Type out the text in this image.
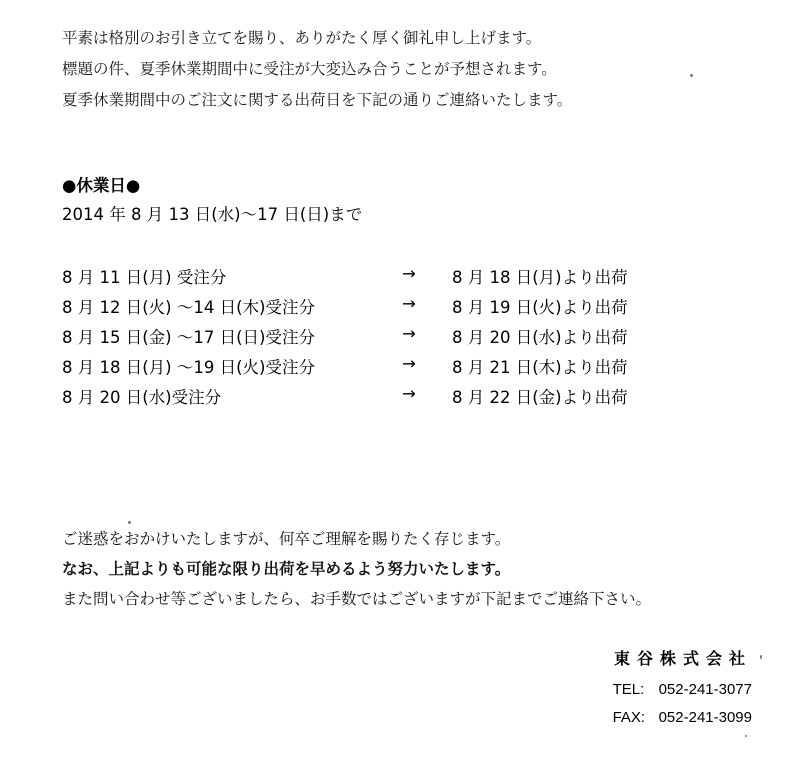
平素は格別のお引き立てを賜り、ありがたく厚く御礼申し上げます。
標題の件、夏季休業期間中に受注が大変込み合うことが予想されます。
夏季休業期間中のご注文に関する出荷日を下記の通りご連絡いたします。
●休業日●
2014 年 8 月 13 日(水)～17 日(日)まで
8 月 11 日(月) 受注分	→ 8 月 18 日(月)より出荷
8 月 12 日(火) ～14 日(木)受注分	→ 8 月 19 日(火)より出荷
8 月 15 日(金) ～17 日(日)受注分	→ 8 月 20 日(水)より出荷
8 月 18 日(月) ～19 日(火)受注分	→ 8 月 21 日(木)より出荷
8 月 20 日(水)受注分	→ 8 月 22 日(金)より出荷
ご迷惑をおかけいたしますが、何卒ご理解を賜りたく存じます。
なお、上記よりも可能な限り出荷を早めるよう努力いたします。
また問い合わせ等ございましたら、お手数ではございますが下記までご連絡下さい。
東谷株式会社
TEL: 052-241-3077
FAX: 052-241-3099
